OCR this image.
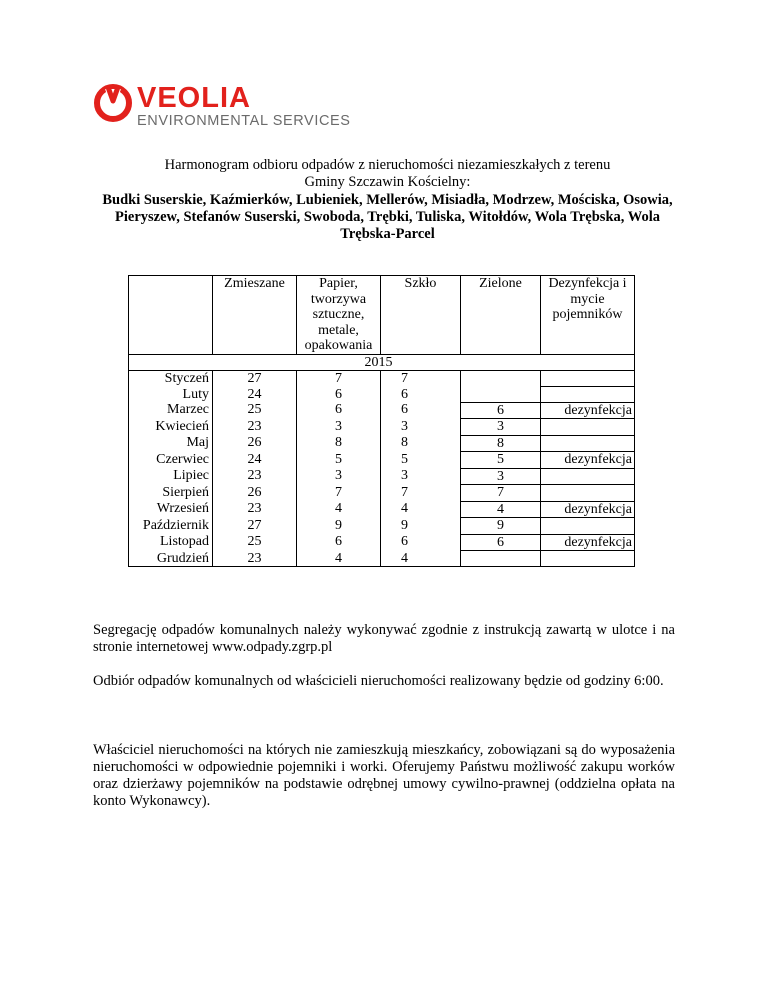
VEOLIA
ENVIRONMENTAL SERVICES
Harmonogram odbioru odpadów z nieruchomości niezamieszkałych z terenu
Gminy Szczawin Kościelny:
Budki Suserskie, Kaźmierków, Lubieniek, Mellerów, Misiadła, Modrzew, Mościska, Osowia, Pieryszew, Stefanów Suserski, Swoboda, Trębki, Tuliska, Witołdów, Wola Trębska, Wola Trębska-Parcel
	Zmieszane	Papier, tworzywa sztuczne, metale, opakowania	Szkło	Zielone	Dezynfekcja i mycie pojemników
		2015			
Styczeń	27	7	7		
Luty	24	6	6		
Marzec	25	6	6	6	dezynfekcja
Kwiecień	23	3	3	3	
Maj	26	8	8	8	
Czerwiec	24	5	5	5	dezynfekcja
Lipiec	23	3	3	3	
Sierpień	26	7	7	7	
Wrzesień	23	4	4	4	dezynfekcja
Październik	27	9	9	9	
Listopad	25	6	6	6	dezynfekcja
Grudzień	23	4	4		

Segregację odpadów komunalnych należy wykonywać zgodnie z instrukcją zawartą w ulotce i na stronie internetowej www.odpady.zgrp.pl

Odbiór odpadów komunalnych od właścicieli nieruchomości realizowany będzie od godziny 6:00.

Właściciel nieruchomości na których nie zamieszkują mieszkańcy, zobowiązani są do wyposażenia nieruchomości w odpowiednie pojemniki i worki. Oferujemy Państwu możliwość zakupu worków oraz dzierżawy pojemników na podstawie odrębnej umowy cywilno-prawnej (oddzielna opłata na konto Wykonawcy).
